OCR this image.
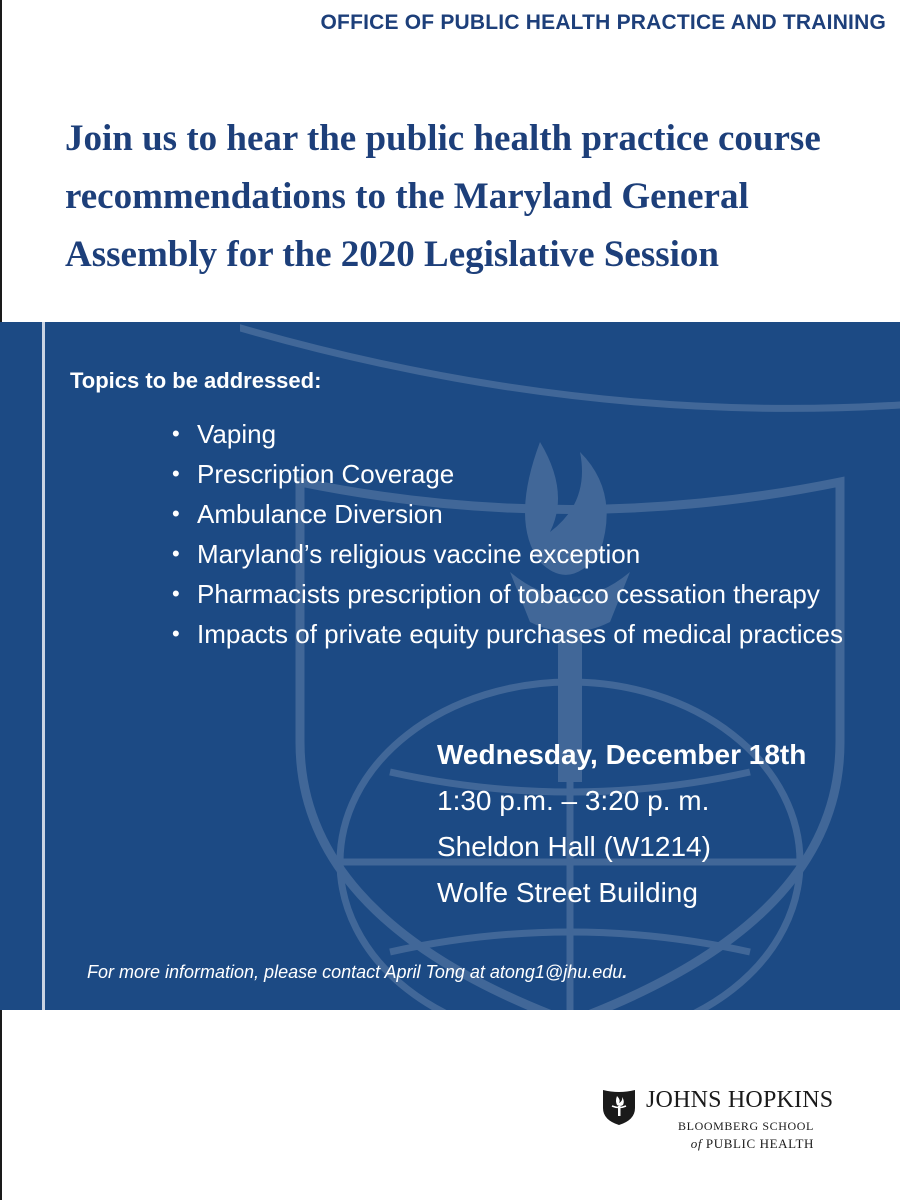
OFFICE OF PUBLIC HEALTH PRACTICE AND TRAINING
Join us to hear the public health practice course recommendations to the Maryland General Assembly for the 2020 Legislative Session
Topics to be addressed:
• Vaping
• Prescription Coverage
• Ambulance Diversion
• Maryland’s religious vaccine exception
• Pharmacists prescription of tobacco cessation therapy
• Impacts of private equity purchases of medical practices
Wednesday, December 18th
1:30 p.m. – 3:20 p. m.
Sheldon Hall (W1214)
Wolfe Street Building
For more information, please contact April Tong at atong1@jhu.edu.
JOHNS HOPKINS
BLOOMBERG SCHOOL
of PUBLIC HEALTH
